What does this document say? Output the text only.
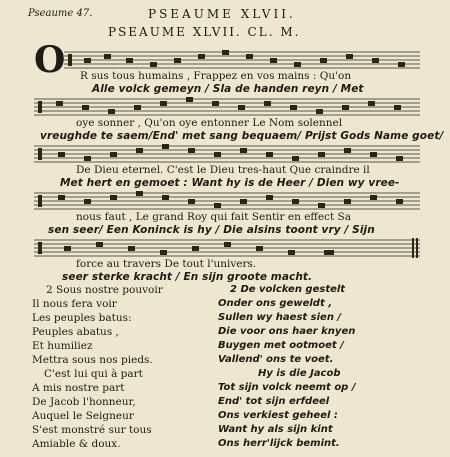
Pseaume 47.	PSEAUME XLVII.
PSEAUME XLVII. CL. M.
O R sus tous humains , Frappez en vos mains : Qu'on
Alle volck gemeyn / Sla de handen reyn / Met
oye sonner , Qu'on oye entonner Le Nom solennel
vreughde te saem/End' met sang bequaem/ Prijst Gods Name goet/
De Dieu eternel. C'est le Dieu tres-haut Que craindre il
Met hert en gemoet : Want hy is de Heer / Dien wy vree-
nous faut , Le grand Roy qui fait Sentir en effect Sa
sen seer/ Een Koninck is hy / Die alsins toont vry / Sijn
force au travers De tout l'univers.
seer sterke kracht / En sijn groote macht.
2 Sous nostre pouvoir
Il nous fera voir
Les peuples batus:
Peuples abatus ,
Et humiliez
Mettra sous nos pieds.
C'est lui qui à part
A mis nostre part
De Jacob l'honneur,
Auquel le Seigneur
S'est monstré sur tous
Amiable & doux.
2 De volcken gestelt
Onder ons geweldt ,
Sullen wy haest sien /
Die voor ons haer knyen
Buygen met ootmoet /
Vallend' ons te voet.
Hy is die Jacob
Tot sijn volck neemt op /
End' tot sijn erfdeel
Ons verkiest geheel :
Want hy als sijn kint
Ons herr'lijck bemint.
